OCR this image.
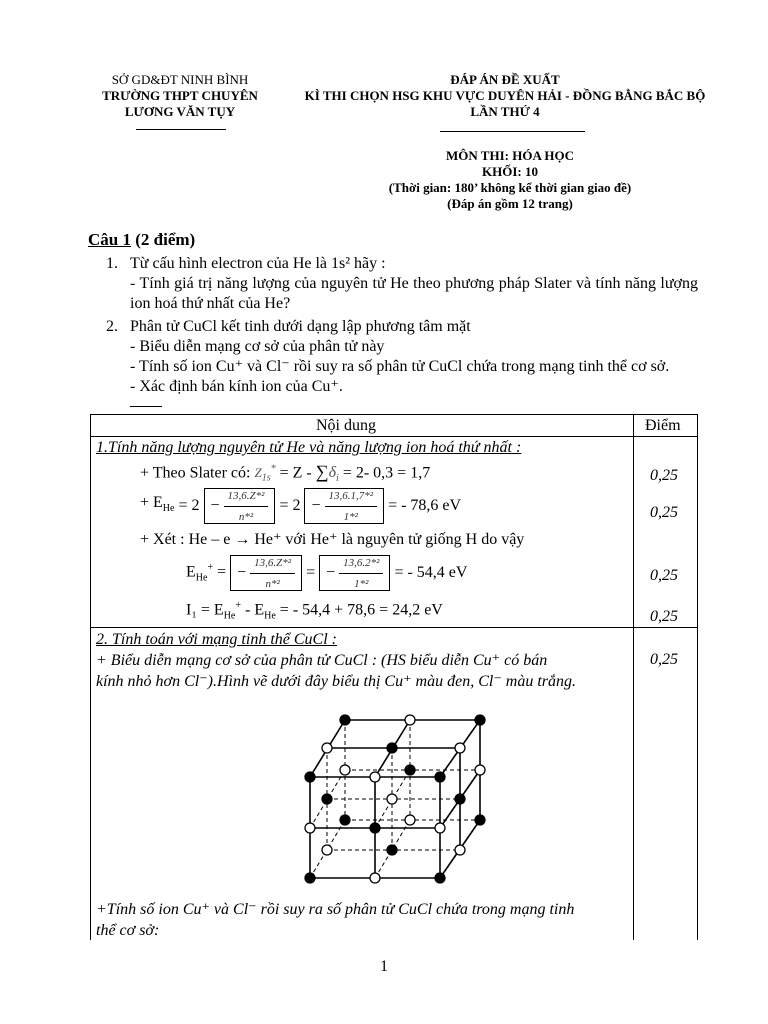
SỞ GD&ĐT NINH BÌNH
TRƯỜNG THPT CHUYÊN
LƯƠNG VĂN TỤY
ĐÁP ÁN ĐỀ XUẤT
KÌ THI CHỌN HSG KHU VỰC DUYÊN HẢI - ĐỒNG BẰNG BẮC BỘ
LẦN THỨ 4
MÔN THI: HÓA HỌC
KHỐI: 10
(Thời gian: 180’ không kể thời gian giao đề)
(Đáp án gồm 12 trang)
Câu 1 (2 điểm)
1. Từ cấu hình electron của He là 1s² hãy :
- Tính giá trị năng lượng của nguyên tử He theo phương pháp Slater và tính năng lượng ion hoá thứ nhất của He?
2. Phân tử CuCl kết tinh dưới dạng lập phương tâm mặt
- Biểu diễn mạng cơ sở của phân tử này
- Tính số ion Cu⁺ và Cl⁻ rồi suy ra số phân tử CuCl chứa trong mạng tinh thể cơ sở.
- Xác định bán kính ion của Cu⁺.
Nội dung	Điểm
1.Tính năng lượng nguyên tử He và năng lượng ion hoá thứ nhất :
+ Theo Slater có: $Z_{1s}^* = Z - \sum\delta_i = 2-$ 0,3 = 1,7
+ $E_{He} = 2 - \frac{\text{13,6.Z*²}}{\text{n*²}} = 2 - \frac{\text{13,6.1,7*²}}{\text{1*²}}$ = - 78,6 eV
+ Xét : He – e → He⁺ với He⁺ là nguyên tử giống H do vậy
$E_{He}^+$ = − $\frac{\text{13,6.Z*²}}{\text{n*²}}$ = − $\frac{\text{13,6.2*²}}{\text{1*²}}$ = - 54,4 eV
$I_1 = E_{He}^+ - E_{He}$ = - 54,4 + 78,6 = 24,2 eV
0,25
0,25
0,25
0,25
2. Tính toán với mạng tinh thể CuCl :
+ Biểu diễn mạng cơ sở của phân tử CuCl : (HS biểu diễn Cu⁺ có bán
kính nhỏ hơn Cl⁻).Hình vẽ dưới đây biểu thị Cu⁺ màu đen, Cl⁻ màu trắng.
0,25
+Tính số ion Cu⁺ và Cl⁻ rồi suy ra số phân tử CuCl chứa trong mạng tinh
thể cơ sở:
1
